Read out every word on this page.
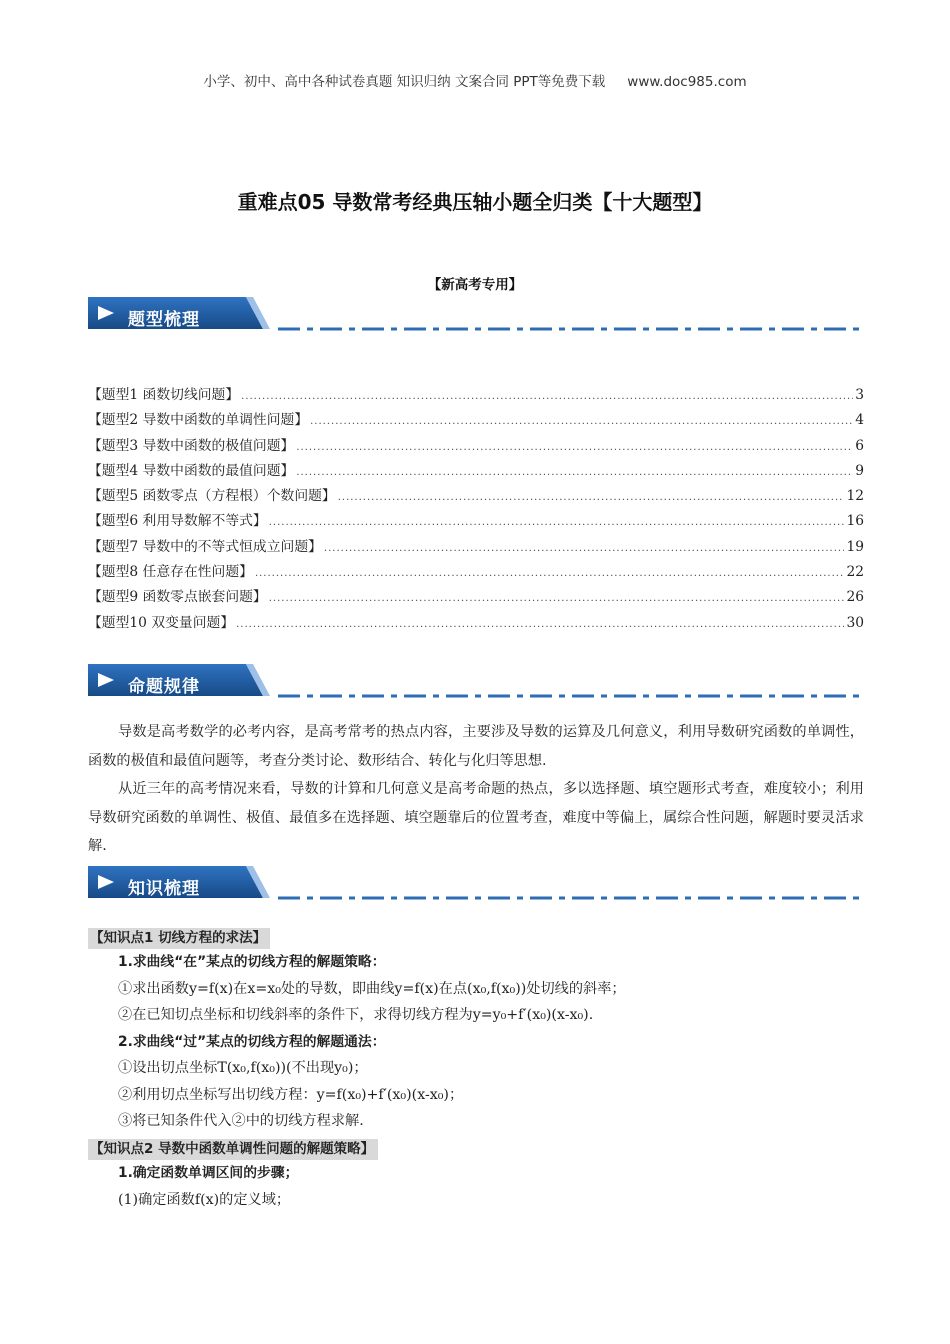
小学、初中、高中各种试卷真题 知识归纳 文案合同 PPT等免费下载 www.doc985.com
重难点05 导数常考经典压轴小题全归类【十大题型】
【新高考专用】
题型梳理
【题型1 函数切线问题】 .....	3
【题型2 导数中函数的单调性问题】 .....	4
【题型3 导数中函数的极值问题】 .....	6
【题型4 导数中函数的最值问题】 .....	9
【题型5 函数零点（方程根）个数问题】 .....	12
【题型6 利用导数解不等式】 .....	16
【题型7 导数中的不等式恒成立问题】 .....	19
【题型8 任意存在性问题】 .....	22
【题型9 函数零点嵌套问题】 .....	26
【题型10 双变量问题】 .....	30
命题规律
导数是高考数学的必考内容，是高考常考的热点内容，主要涉及导数的运算及几何意义，利用导数研究函数的单调性，函数的极值和最值问题等，考查分类讨论、数形结合、转化与化归等思想.
从近三年的高考情况来看，导数的计算和几何意义是高考命题的热点，多以选择题、填空题形式考查，难度较小；利用导数研究函数的单调性、极值、最值多在选择题、填空题靠后的位置考查，难度中等偏上，属综合性问题，解题时要灵活求解.
知识梳理
【知识点1 切线方程的求法】
1.求曲线“在”某点的切线方程的解题策略：
①求出函数y=f(x)在x=x₀处的导数，即曲线y=f(x)在点(x₀,f(x₀))处切线的斜率；
②在已知切点坐标和切线斜率的条件下，求得切线方程为y=y₀+f′(x₀)(x-x₀).
2.求曲线“过”某点的切线方程的解题通法：
①设出切点坐标T(x₀,f(x₀))(不出现y₀)；
②利用切点坐标写出切线方程：y=f(x₀)+f′(x₀)(x-x₀)；
③将已知条件代入②中的切线方程求解.
【知识点2 导数中函数单调性问题的解题策略】
1.确定函数单调区间的步骤；
(1)确定函数f(x)的定义域；
